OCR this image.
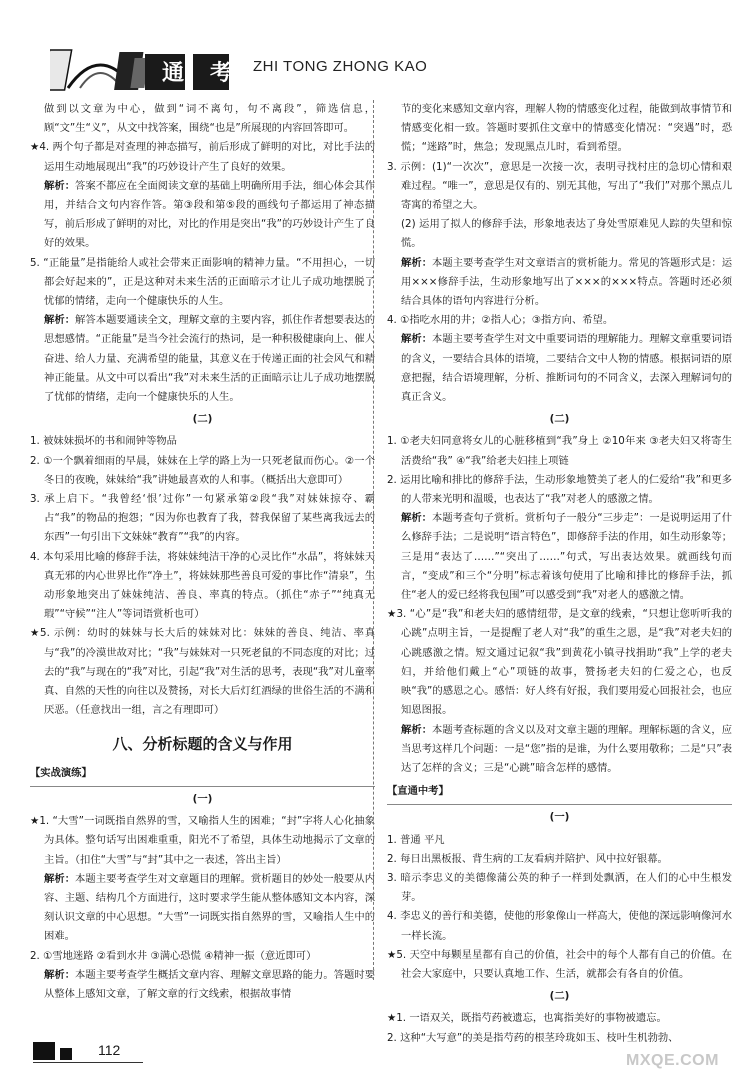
通 考 ZHI TONG ZHONG KAO
做到以文章为中心，做到“词不离句，句不离段”，筛选信息，顾“文”生“义”，从文中找答案，围绕“也是”所展现的内容回答即可。
★4. 两个句子都是对查理的神态描写，前后形成了鲜明的对比，对比手法的运用生动地展现出“我”的巧妙设计产生了良好的效果。
解析：答案不都应在全面阅读文章的基础上明确所用手法，细心体会其作用，并结合文句内容作答。第③段和第⑤段的画线句子都运用了神态描写，前后形成了鲜明的对比，对比的作用是突出“我”的巧妙设计产生了良好的效果。
5. “正能量”是指能给人或社会带来正面影响的精神力量。“不用担心，一切都会好起来的”，正是这种对未来生活的正面暗示才让儿子成功地摆脱了忧郁的情绪，走向一个健康快乐的人生。
解析：解答本题要通读全文，理解文章的主要内容，抓住作者想要表达的思想感情。“正能量”是当今社会流行的热词，是一种积极健康向上、催人奋进、给人力量、充满希望的能量，其意义在于传递正面的社会风气和精神正能量。从文中可以看出“我”对未来生活的正面暗示让儿子成功地摆脱了忧郁的情绪，走向一个健康快乐的人生。
(二)
1. 被妹妹损坏的书和闹钟等物品
2. ①一个飘着细雨的早晨，妹妹在上学的路上为一只死老鼠而伤心。②一个冬日的夜晚，妹妹给“我”讲她最喜欢的人和事。（概括出大意即可）
3. 承上启下。“我曾经‘恨’过你”一句紧承第②段“我”对妹妹掠夺、霸占“我”的物品的抱怨；“因为你也教育了我，替我保留了某些离我远去的东西”一句引出下文妹妹“教育”“我”的内容。
4. 本句采用比喻的修辞手法，将妹妹纯洁干净的心灵比作“水晶”，将妹妹天真无邪的内心世界比作“净土”，将妹妹那些善良可爱的事比作“清泉”，生动形象地突出了妹妹纯洁、善良、率真的特点。（抓住“赤子”“纯真无瑕”“守候”“注人”等词语赏析也可）
★5. 示例：幼时的妹妹与长大后的妹妹对比：妹妹的善良、纯洁、率真与“我”的冷漠世故对比；“我”与妹妹对一只死老鼠的不同态度的对比；过去的“我”与现在的“我”对比，引起“我”对生活的思考，表现“我”对儿童率真、自然的天性的向往以及赞扬，对长大后灯红酒绿的世俗生活的不满和厌恶。（任意找出一组，言之有理即可）
八、分析标题的含义与作用
【实战演练】
(一)
★1. “大雪”一词既指自然界的雪，又喻指人生的困难；“封”字将人心化抽象为具体。整句话写出困难重重，阳光不了希望，具体生动地揭示了文章的主旨。（扣住“大雪”与“封”其中之一表述，答出主旨）
解析：本题主要考查学生对文章题目的理解。赏析题目的妙处一般要从内容、主题、结构几个方面进行，这时要求学生能从整体感知文本内容，深刻认识文章的中心思想。“大雪”一词既实指自然界的雪，又喻指人生中的困难。
2. ①雪地迷路 ②看到水井 ③满心恐慌 ④精神一振（意近即可）
解析：本题主要考查学生概括文章内容、理解文章思路的能力。答题时要从整体上感知文章，了解文章的行文线索，根据故事情
节的变化来感知文章内容，理解人物的情感变化过程，能做到故事情节和情感变化相一致。答题时要抓住文章中的情感变化情况：“突遇”时，恐慌；“迷路”时，焦急；发现黑点儿时，看到希望。
3. 示例：(1)“一次次”，意思是一次接一次，表明寻找村庄的急切心情和艰难过程。“唯一”，意思是仅有的、别无其他，写出了“我们”对那个黑点儿寄寓的希望之大。
(2) 运用了拟人的修辞手法，形象地表达了身处雪原难见人踪的失望和惊慌。
解析：本题主要考查学生对文章语言的赏析能力。常见的答题形式是：运用×××修辞手法，生动形象地写出了×××的×××特点。答题时还必须结合具体的语句内容进行分析。
4. ①指吃水用的井；②指人心；③指方向、希望。
解析：本题主要考查学生对文中重要词语的理解能力。理解文章重要词语的含义，一要结合具体的语境，二要结合文中人物的情感。根据词语的原意把握，结合语境理解，分析、推断词句的不同含义，去深入理解词句的真正含义。
(二)
1. ①老夫妇同意将女儿的心脏移植到“我”身上 ②10年来 ③老夫妇又将寄生活费给“我” ④“我”给老夫妇挂上项链
2. 运用比喻和排比的修辞手法，生动形象地赞美了老人的仁爱给“我”和更多的人带来光明和温暖，也表达了“我”对老人的感激之情。
解析：本题考查句子赏析。赏析句子一般分“三步走”：一是说明运用了什么修辞手法；二是说明“语言特色”，即修辞手法的作用，如生动形象等；三是用“表达了……”“突出了……”句式，写出表达效果。就画线句而言，“变成”和三个“分明”标志着该句使用了比喻和排比的修辞手法，抓住“老人的爱已经将我包围”可以感受到“我”对老人的感激之情。
★3. “心”是“我”和老夫妇的感情纽带，是文章的线索，“只想让您听听我的心跳”点明主旨，一是提醒了老人对“我”的重生之恩，是“我”对老夫妇的心跳感激之情。短文通过记叙“我”到黄花小镇寻找捐助“我”上学的老夫妇，并给他们戴上“心”项链的故事，赞扬老夫妇的仁爱之心，也反映“我”的感恩之心。感悟：好人终有好报，我们要用爱心回报社会，也应知恩图报。
解析：本题考查标题的含义以及对文章主题的理解。理解标题的含义，应当思考这样几个问题：一是“您”指的是谁，为什么要用敬称；二是“只”表达了怎样的含义；三是“心跳”暗含怎样的感情。
【直通中考】
(一)
1. 普通 平凡
2. 每日出黑板报、背生病的工友看病并陪护、风中拉好银幕。
3. 暗示李忠义的美德像蒲公英的种子一样到处飘洒，在人们的心中生根发芽。
4. 李忠义的善行和美德，使他的形象像山一样高大，使他的深远影响像河水一样长流。
★5. 天空中每颗星星都有自己的价值，社会中的每个人都有自己的价值。在社会大家庭中，只要认真地工作、生活，就都会有各自的价值。
(二)
★1. 一语双关，既指芍药被遗忘，也寓指美好的事物被遗忘。
2. 这种“大写意”的美是指芍药的根茎玲珑如玉、枝叶生机勃勃、
112
MXQE.COM
